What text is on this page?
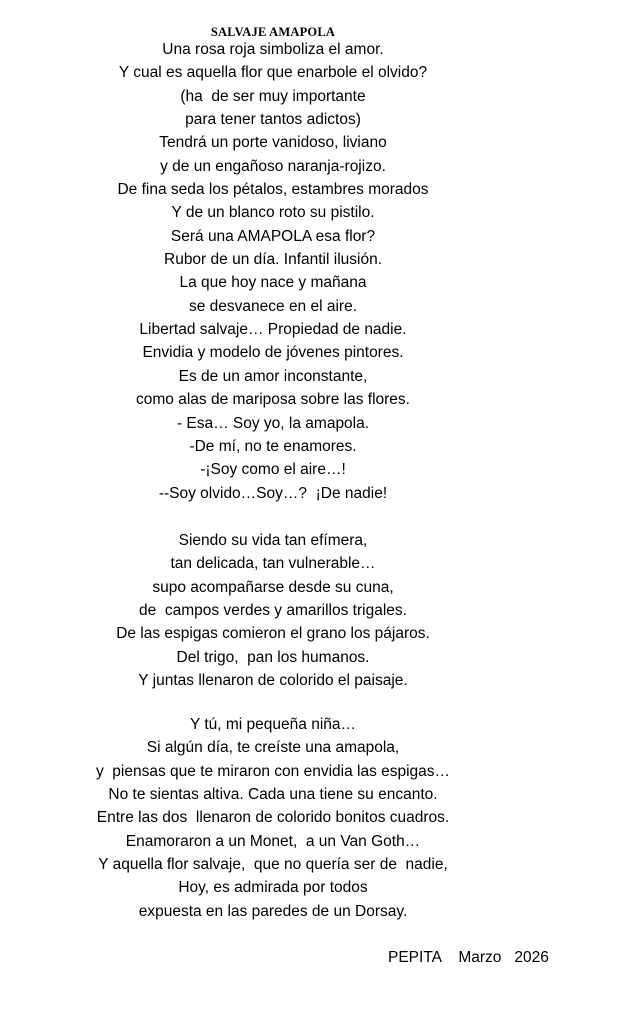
SALVAJE AMAPOLA
Una rosa roja simboliza el amor.
Y cual es aquella flor que enarbole el olvido?
(ha  de ser muy importante
para tener tantos adictos)
Tendrá un porte vanidoso, liviano
y de un engañoso naranja-rojizo.
De fina seda los pétalos, estambres morados
Y de un blanco roto su pistilo.
Será una AMAPOLA esa flor?
Rubor de un día. Infantil ilusión.
La que hoy nace y mañana
se desvanece en el aire.
Libertad salvaje… Propiedad de nadie.
Envidia y modelo de jóvenes pintores.
Es de un amor inconstante,
como alas de mariposa sobre las flores.
- Esa… Soy yo, la amapola.
-De mí, no te enamores.
-¡Soy como el aire…!
--Soy olvido…Soy…?  ¡De nadie!
Siendo su vida tan efímera,
tan delicada, tan vulnerable…
supo acompañarse desde su cuna,
de  campos verdes y amarillos trigales.
De las espigas comieron el grano los pájaros.
Del trigo,  pan los humanos.
Y juntas llenaron de colorido el paisaje.
Y tú, mi pequeña niña…
Si algún día, te creíste una amapola,
y  piensas que te miraron con envidia las espigas…
No te sientas altiva. Cada una tiene su encanto.
Entre las dos  llenaron de colorido bonitos cuadros.
Enamoraron a un Monet,  a un Van Goth…
Y aquella flor salvaje,  que no quería ser de  nadie,
Hoy, es admirada por todos
expuesta en las paredes de un Dorsay.
PEPITA    Marzo   2026
